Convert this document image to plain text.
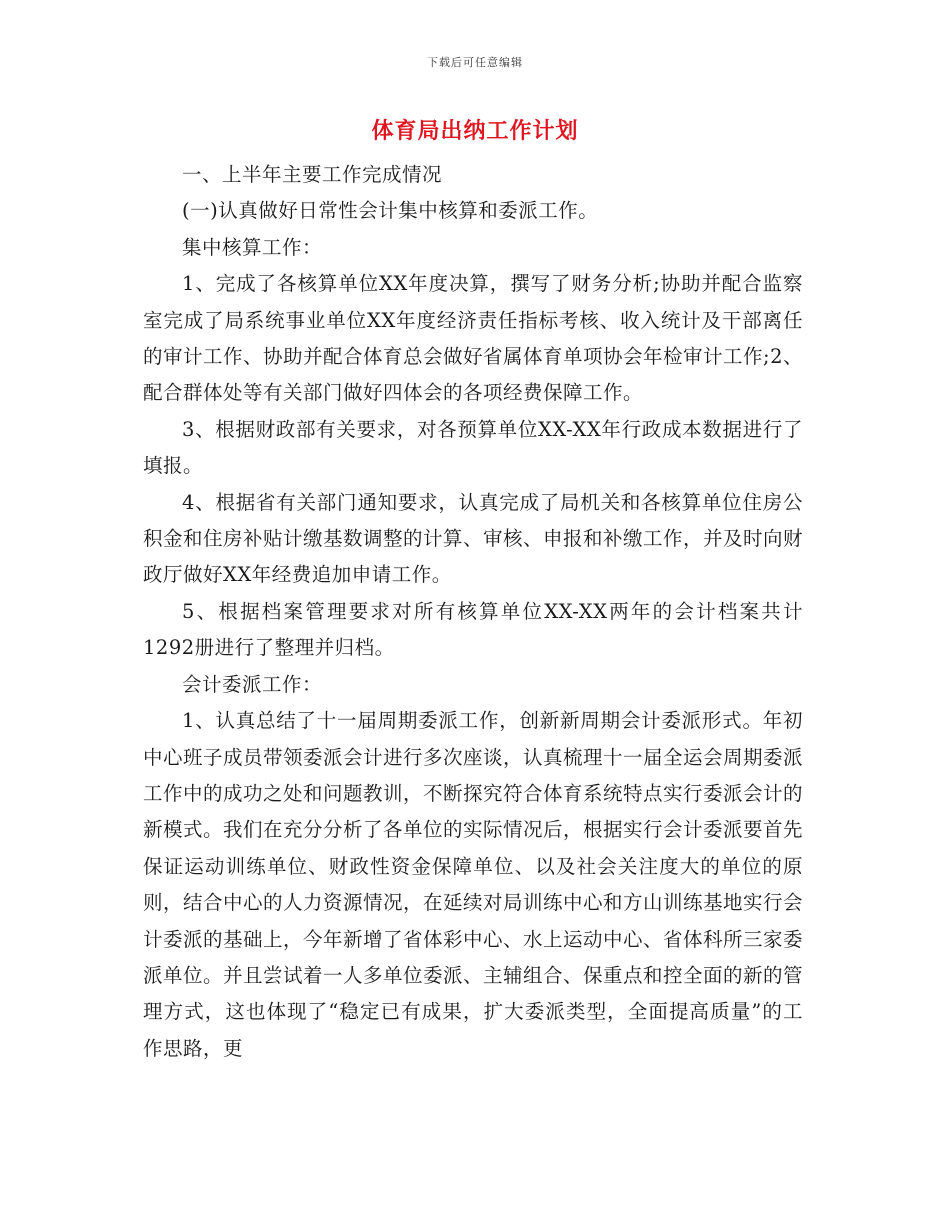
下载后可任意编辑
体育局出纳工作计划

一、上半年主要工作完成情况

(一)认真做好日常性会计集中核算和委派工作。

集中核算工作：

1、完成了各核算单位XX年度决算，撰写了财务分析;协助并配合监察室完成了局系统事业单位XX年度经济责任指标考核、收入统计及干部离任的审计工作、协助并配合体育总会做好省属体育单项协会年检审计工作;2、配合群体处等有关部门做好四体会的各项经费保障工作。

3、根据财政部有关要求，对各预算单位XX-XX年行政成本数据进行了填报。

4、根据省有关部门通知要求，认真完成了局机关和各核算单位住房公积金和住房补贴计缴基数调整的计算、审核、申报和补缴工作，并及时向财政厅做好XX年经费追加申请工作。

5、根据档案管理要求对所有核算单位XX-XX两年的会计档案共计1292册进行了整理并归档。

会计委派工作：

1、认真总结了十一届周期委派工作，创新新周期会计委派形式。年初中心班子成员带领委派会计进行多次座谈，认真梳理十一届全运会周期委派工作中的成功之处和问题教训，不断探究符合体育系统特点实行委派会计的新模式。我们在充分分析了各单位的实际情况后，根据实行会计委派要首先保证运动训练单位、财政性资金保障单位、以及社会关注度大的单位的原则，结合中心的人力资源情况，在延续对局训练中心和方山训练基地实行会计委派的基础上，今年新增了省体彩中心、水上运动中心、省体科所三家委派单位。并且尝试着一人多单位委派、主辅组合、保重点和控全面的新的管理方式，这也体现了“稳定已有成果，扩大委派类型，全面提高质量”的工作思路，更
